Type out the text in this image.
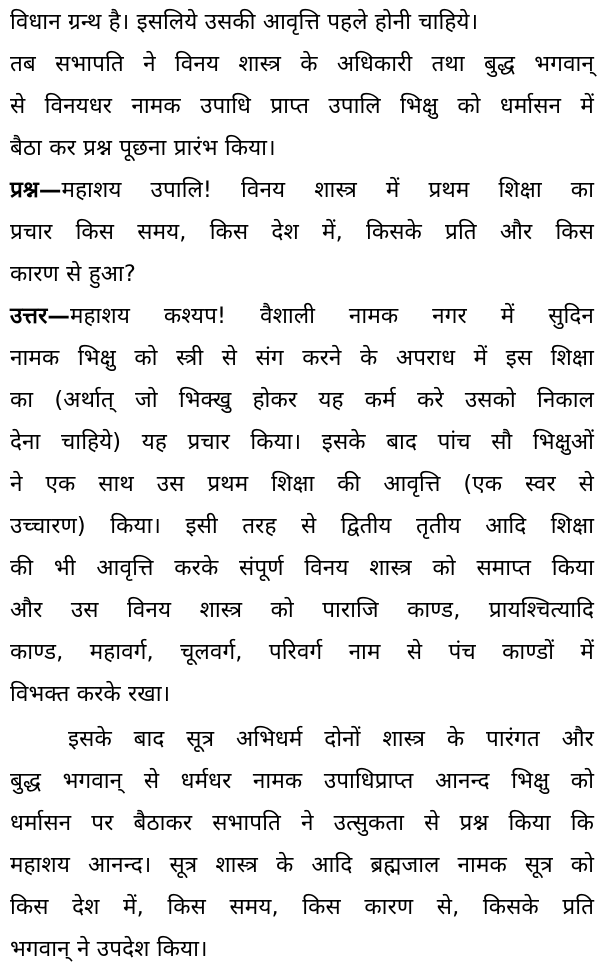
विधान ग्रन्थ है। इसलिये उसकी आवृत्ति पहले होनी चाहिये।
तब सभापति ने विनय शास्त्र के अधिकारी तथा बुद्ध भगवान्
से विनयधर नामक उपाधि प्राप्त उपालि भिक्षु को धर्मासन में
बैठा कर प्रश्न पूछना प्रारंभ किया।
प्रश्न—महाशय उपालि! विनय शास्त्र में प्रथम शिक्षा का
प्रचार किस समय, किस देश में, किसके प्रति और किस
कारण से हुआ?
उत्तर—महाशय कश्यप! वैशाली नामक नगर में सुदिन
नामक भिक्षु को स्त्री से संग करने के अपराध में इस शिक्षा
का (अर्थात् जो भिक्खु होकर यह कर्म करे उसको निकाल
देना चाहिये) यह प्रचार किया। इसके बाद पांच सौ भिक्षुओं
ने एक साथ उस प्रथम शिक्षा की आवृत्ति (एक स्वर से
उच्चारण) किया। इसी तरह से द्वितीय तृतीय आदि शिक्षा
की भी आवृत्ति करके संपूर्ण विनय शास्त्र को समाप्त किया
और उस विनय शास्त्र को पाराजि काण्ड, प्रायश्चित्यादि
काण्ड, महावर्ग, चूलवर्ग, परिवर्ग नाम से पंच काण्डों में
विभक्त करके रखा।
इसके बाद सूत्र अभिधर्म दोनों शास्त्र के पारंगत और
बुद्ध भगवान् से धर्मधर नामक उपाधिप्राप्त आनन्द भिक्षु को
धर्मासन पर बैठाकर सभापति ने उत्सुकता से प्रश्न किया कि
महाशय आनन्द। सूत्र शास्त्र के आदि ब्रह्मजाल नामक सूत्र को
किस देश में, किस समय, किस कारण से, किसके प्रति
भगवान् ने उपदेश किया।
